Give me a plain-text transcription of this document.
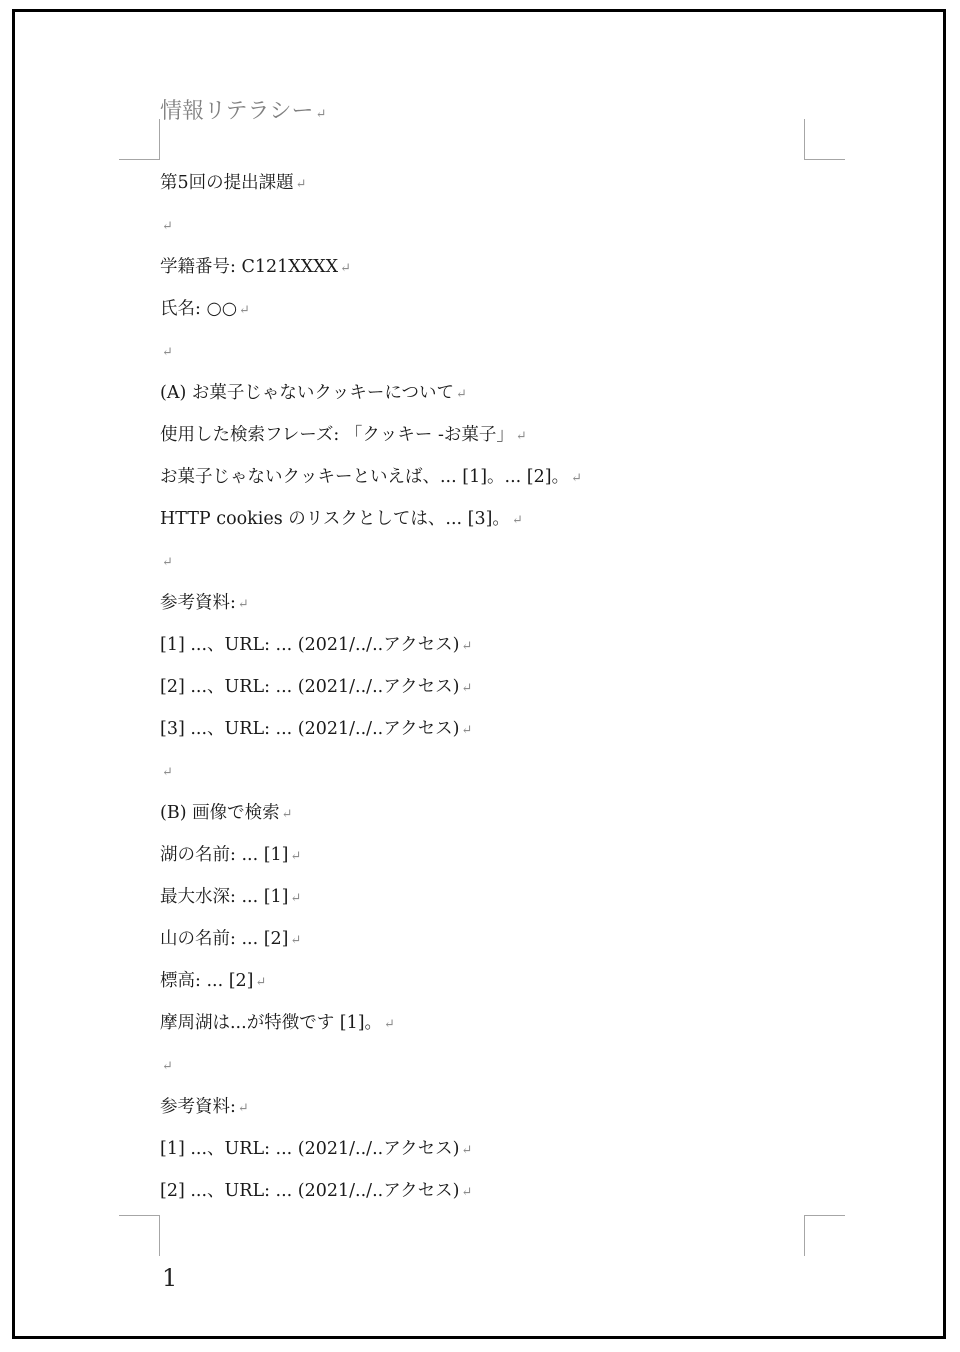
情報リテラシー ↵
第5回の提出課題 ↵
↵
学籍番号: C121XXXX ↵
氏名: ○○ ↵
↵
(A) お菓子じゃないクッキーについて ↵
使用した検索フレーズ: 「クッキー -お菓子」 ↵
お菓子じゃないクッキーといえば、... [1]。... [2]。 ↵
HTTP cookies のリスクとしては、... [3]。 ↵
↵
参考資料: ↵
[1] ...、URL: ... (2021/../..アクセス) ↵
[2] ...、URL: ... (2021/../..アクセス) ↵
[3] ...、URL: ... (2021/../..アクセス) ↵
↵
(B) 画像で検索 ↵
湖の名前: ... [1] ↵
最大水深: ... [1] ↵
山の名前: ... [2] ↵
標高: ... [2] ↵
摩周湖は...が特徴です [1]。 ↵
↵
参考資料: ↵
[1] ...、URL: ... (2021/../..アクセス) ↵
[2] ...、URL: ... (2021/../..アクセス) ↵
1
